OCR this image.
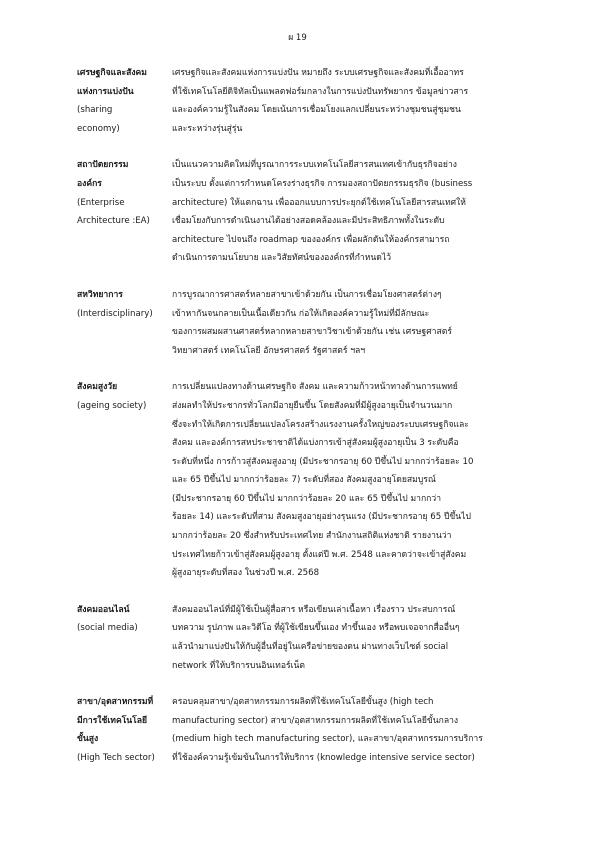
ผ 19
เศรษฐกิจและสังคม
แห่งการแบ่งปัน
(sharing
economy)
เศรษฐกิจและสังคมแห่งการแบ่งปัน หมายถึง ระบบเศรษฐกิจและสังคมที่เอื้ออาทร
ที่ใช้เทคโนโลยีดิจิทัลเป็นแพลตฟอร์มกลางในการแบ่งปันทรัพยากร ข้อมูลข่าวสาร
และองค์ความรู้ในสังคม โดยเน้นการเชื่อมโยงแลกเปลี่ยนระหว่างชุมชนสู่ชุมชน
และระหว่างรุ่นสู่รุ่น
สถาปัตยกรรม
องค์กร
(Enterprise
Architecture :EA)
เป็นแนวความคิดใหม่ที่บูรณาการระบบเทคโนโลยีสารสนเทศเข้ากับธุรกิจอย่าง
เป็นระบบ ตั้งแต่การกำหนดโครงร่างธุรกิจ การมองสถาปัตยกรรมธุรกิจ (business
architecture) ให้แตกฉาน เพื่อออกแบบการประยุกต์ใช้เทคโนโลยีสารสนเทศให้
เชื่อมโยงกับการดำเนินงานได้อย่างสอดคล้องและมีประสิทธิภาพทั้งในระดับ
architecture ไปจนถึง roadmap ขององค์กร เพื่อผลักดันให้องค์กรสามารถ
ดำเนินการตามนโยบาย และวิสัยทัศน์ขององค์กรที่กำหนดไว้
สหวิทยาการ
(Interdisciplinary)
การบูรณาการศาสตร์หลายสาขาเข้าด้วยกัน เป็นการเชื่อมโยงศาสตร์ต่างๆ
เข้าหากันจนกลายเป็นเนื้อเดียวกัน ก่อให้เกิดองค์ความรู้ใหม่ที่มีลักษณะ
ของการผสมผสานศาสตร์หลากหลายสาขาวิชาเข้าด้วยกัน เช่น เศรษฐศาสตร์
วิทยาศาสตร์ เทคโนโลยี อักษรศาสตร์ รัฐศาสตร์ ฯลฯ
สังคมสูงวัย
(ageing society)
การเปลี่ยนแปลงทางด้านเศรษฐกิจ สังคม และความก้าวหน้าทางด้านการแพทย์
ส่งผลทำให้ประชากรทั่วโลกมีอายุยืนขึ้น โดยสังคมที่มีผู้สูงอายุเป็นจำนวนมาก
ซึ่งจะทำให้เกิดการเปลี่ยนแปลงโครงสร้างแรงงานครั้งใหญ่ของระบบเศรษฐกิจและ
สังคม และองค์การสหประชาชาติได้แบ่งการเข้าสู่สังคมผู้สูงอายุเป็น 3 ระดับคือ
ระดับที่หนึ่ง การก้าวสู่สังคมสูงอายุ (มีประชากรอายุ 60 ปีขึ้นไป มากกว่าร้อยละ 10
และ 65 ปีขึ้นไป มากกว่าร้อยละ 7) ระดับที่สอง สังคมสูงอายุโดยสมบูรณ์
(มีประชากรอายุ 60 ปีขึ้นไป มากกว่าร้อยละ 20 และ 65 ปีขึ้นไป มากกว่า
ร้อยละ 14) และระดับที่สาม สังคมสูงอายุอย่างรุนแรง (มีประชากรอายุ 65 ปีขึ้นไป
มากกว่าร้อยละ 20 ซึ่งสำหรับประเทศไทย สำนักงานสถิติแห่งชาติ รายงานว่า
ประเทศไทยก้าวเข้าสู่สังคมผู้สูงอายุ ตั้งแต่ปี พ.ศ. 2548 และคาดว่าจะเข้าสู่สังคม
ผู้สูงอายุระดับที่สอง ในช่วงปี พ.ศ. 2568
สังคมออนไลน์
(social media)
สังคมออนไลน์ที่มีผู้ใช้เป็นผู้สื่อสาร หรือเขียนเล่าเนื้อหา เรื่องราว ประสบการณ์
บทความ รูปภาพ และวิดีโอ ที่ผู้ใช้เขียนขึ้นเอง ทำขึ้นเอง หรือพบเจอจากสื่ออื่นๆ
แล้วนำมาแบ่งปันให้กับผู้อื่นที่อยู่ในเครือข่ายของตน ผ่านทางเว็บไซต์ social
network ที่ให้บริการบนอินเทอร์เน็ต
สาขา/อุตสาหกรรมที่
มีการใช้เทคโนโลยี
ขั้นสูง
(High Tech sector)
ครอบคลุมสาขา/อุตสาหกรรมการผลิตที่ใช้เทคโนโลยีขั้นสูง (high tech
manufacturing sector) สาขา/อุตสาหกรรมการผลิตที่ใช้เทคโนโลยีขั้นกลาง
(medium high tech manufacturing sector), และสาขา/อุตสาหกรรมการบริการ
ที่ใช้องค์ความรู้เข้มข้นในการให้บริการ (knowledge intensive service sector)
